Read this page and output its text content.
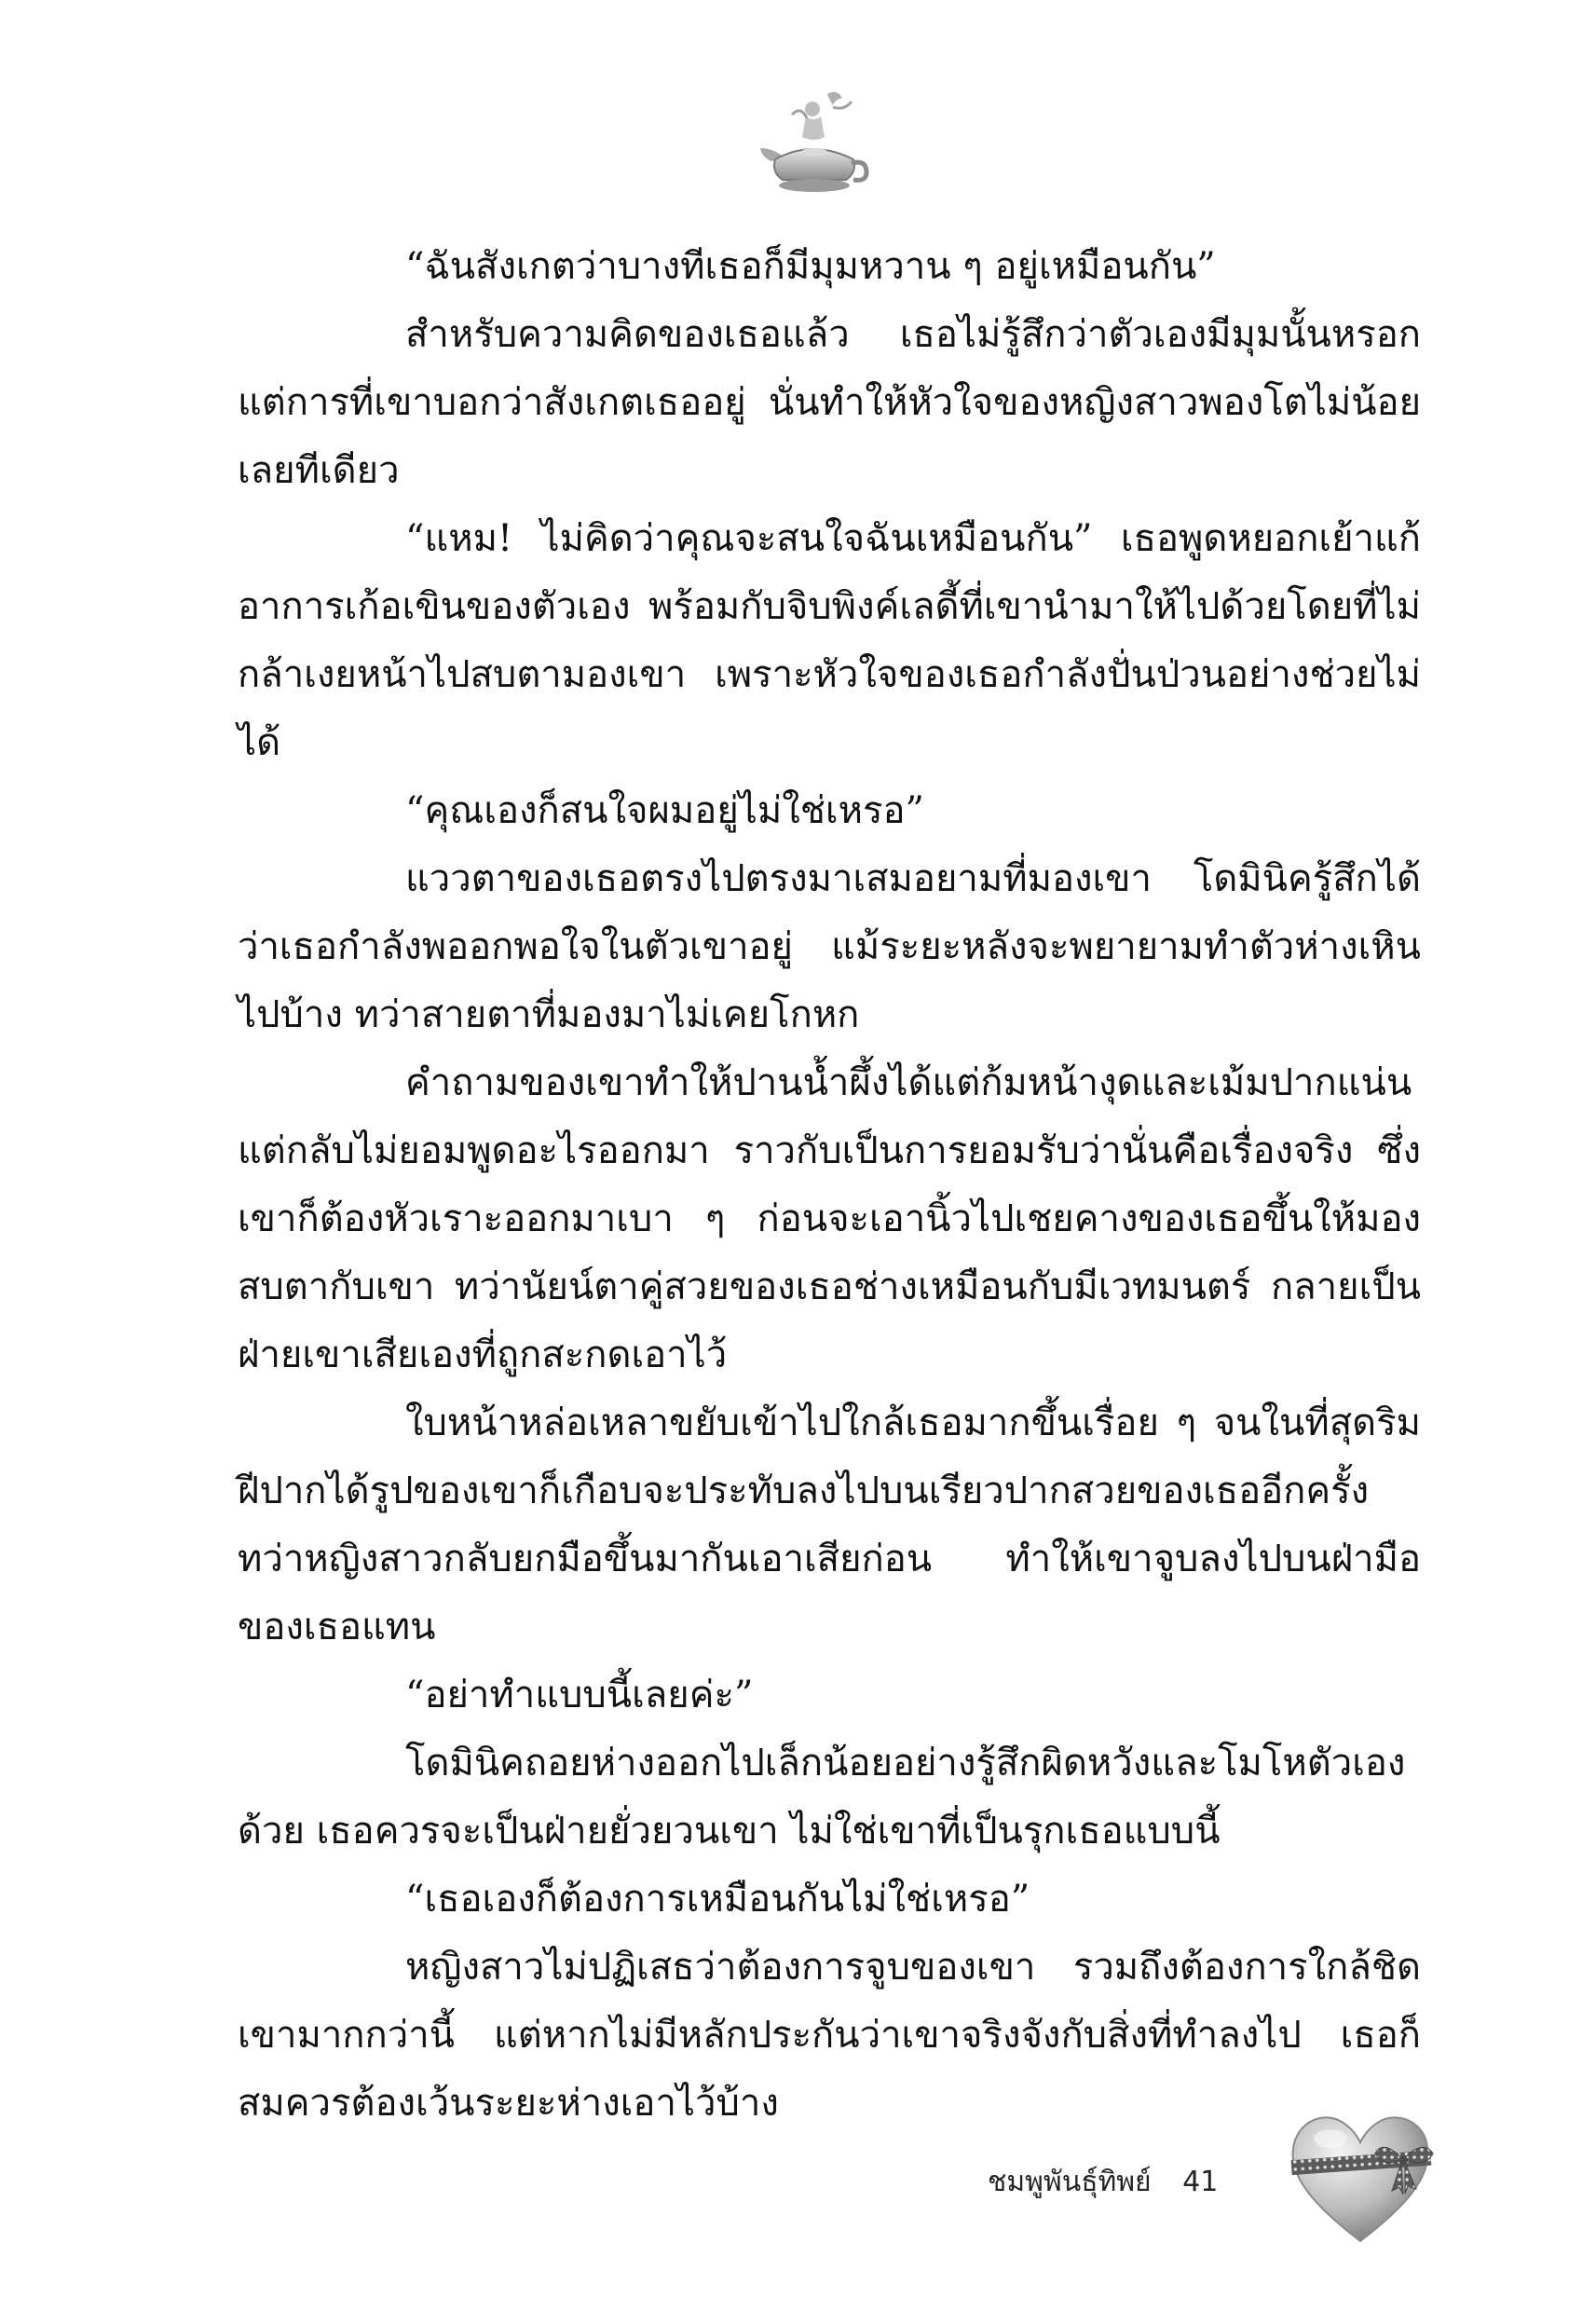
“ฉันสังเกตว่าบางทีเธอก็มีมุมหวาน ๆ อยู่เหมือนกัน”

สำหรับความคิดของเธอแล้ว เธอไม่รู้สึกว่าตัวเองมีมุมนั้นหรอก แต่การที่เขาบอกว่าสังเกตเธออยู่ นั่นทำให้หัวใจของหญิงสาวพองโตไม่น้อยเลยทีเดียว

“แหม! ไม่คิดว่าคุณจะสนใจฉันเหมือนกัน” เธอพูดหยอกเย้าแก้อาการเก้อเขินของตัวเอง พร้อมกับจิบพิงค์เลดี้ที่เขานำมาให้ไปด้วยโดยที่ไม่กล้าเงยหน้าไปสบตามองเขา เพราะหัวใจของเธอกำลังปั่นป่วนอย่างช่วยไม่ได้

“คุณเองก็สนใจผมอยู่ไม่ใช่เหรอ”

แววตาของเธอตรงไปตรงมาเสมอยามที่มองเขา โดมินิครู้สึกได้ว่าเธอกำลังพออกพอใจในตัวเขาอยู่ แม้ระยะหลังจะพยายามทำตัวห่างเหินไปบ้าง ทว่าสายตาที่มองมาไม่เคยโกหก

คำถามของเขาทำให้ปานน้ำผึ้งได้แต่ก้มหน้างุดและเม้มปากแน่น แต่กลับไม่ยอมพูดอะไรออกมา ราวกับเป็นการยอมรับว่านั่นคือเรื่องจริง ซึ่งเขาก็ต้องหัวเราะออกมาเบา ๆ ก่อนจะเอานิ้วไปเชยคางของเธอขึ้นให้มองสบตากับเขา ทว่านัยน์ตาคู่สวยของเธอช่างเหมือนกับมีเวทมนตร์ กลายเป็นฝ่ายเขาเสียเองที่ถูกสะกดเอาไว้

ใบหน้าหล่อเหลาขยับเข้าไปใกล้เธอมากขึ้นเรื่อย ๆ จนในที่สุดริมฝีปากได้รูปของเขาก็เกือบจะประทับลงไปบนเรียวปากสวยของเธออีกครั้ง ทว่าหญิงสาวกลับยกมือขึ้นมากันเอาเสียก่อน ทำให้เขาจูบลงไปบนฝ่ามือของเธอแทน

“อย่าทำแบบนี้เลยค่ะ”

โดมินิคถอยห่างออกไปเล็กน้อยอย่างรู้สึกผิดหวังและโมโหตัวเองด้วย เธอควรจะเป็นฝ่ายยั่วยวนเขา ไม่ใช่เขาที่เป็นรุกเธอแบบนี้

“เธอเองก็ต้องการเหมือนกันไม่ใช่เหรอ”

หญิงสาวไม่ปฏิเสธว่าต้องการจูบของเขา รวมถึงต้องการใกล้ชิดเขามากกว่านี้ แต่หากไม่มีหลักประกันว่าเขาจริงจังกับสิ่งที่ทำลงไป เธอก็สมควรต้องเว้นระยะห่างเอาไว้บ้าง

ชมพูพันธุ์ทิพย์ 41
